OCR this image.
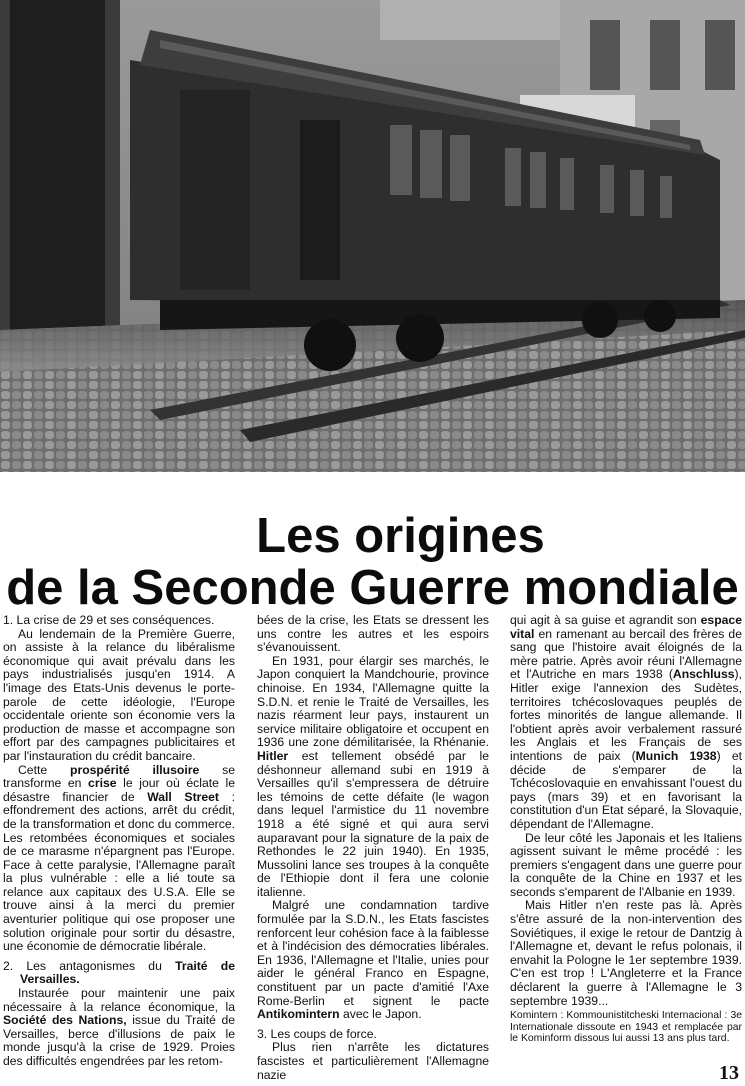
Les origines
de la Seconde Guerre mondiale

1. La crise de 29 et ses conséquences.

Au lendemain de la Première Guerre, on assiste à la relance du libéralisme économique qui avait prévalu dans les pays industrialisés jusqu'en 1914. A l'image des Etats-Unis devenus le porte-parole de cette idéologie, l'Europe occidentale oriente son économie vers la production de masse et accompagne son effort par des campagnes publicitaires et par l'instauration du crédit bancaire.

Cette prospérité illusoire se transforme en crise le jour où éclate le désastre financier de Wall Street : effondrement des actions, arrêt du crédit, de la transformation et donc du commerce. Les retombées économiques et sociales de ce marasme n'épargnent pas l'Europe. Face à cette paralysie, l'Allemagne paraît la plus vulnérable : elle a lié toute sa relance aux capitaux des U.S.A. Elle se trouve ainsi à la merci du premier aventurier politique qui ose proposer une solution originale pour sortir du désastre, une économie de démocratie libérale.

2. Les antagonismes du Traité de Versailles.

Instaurée pour maintenir une paix nécessaire à la relance économique, la Société des Nations, issue du Traité de Versailles, berce d'illusions de paix le monde jusqu'à la crise de 1929. Proies des difficultés engendrées par les retom-

bées de la crise, les Etats se dressent les uns contre les autres et les espoirs s'évanouissent.

En 1931, pour élargir ses marchés, le Japon conquiert la Mandchourie, province chinoise. En 1934, l'Allemagne quitte la S.D.N. et renie le Traité de Versailles, les nazis réarment leur pays, instaurent un service militaire obligatoire et occupent en 1936 une zone démilitarisée, la Rhénanie. Hitler est tellement obsédé par le déshonneur allemand subi en 1919 à Versailles qu'il s'empressera de détruire les témoins de cette défaite (le wagon dans lequel l'armistice du 11 novembre 1918 a été signé et qui aura servi auparavant pour la signature de la paix de Rethondes le 22 juin 1940). En 1935, Mussolini lance ses troupes à la conquête de l'Ethiopie dont il fera une colonie italienne.

Malgré une condamnation tardive formulée par la S.D.N., les Etats fascistes renforcent leur cohésion face à la faiblesse et à l'indécision des démocraties libérales. En 1936, l'Allemagne et l'Italie, unies pour aider le général Franco en Espagne, constituent par un pacte d'amitié l'Axe Rome-Berlin et signent le pacte Antikomintern avec le Japon.

3. Les coups de force.

Plus rien n'arrête les dictatures fascistes et particulièrement l'Allemagne nazie

qui agit à sa guise et agrandit son espace vital en ramenant au bercail des frères de sang que l'histoire avait éloignés de la mère patrie. Après avoir réuni l'Allemagne et l'Autriche en mars 1938 (Anschluss), Hitler exige l'annexion des Sudètes, territoires tchécoslovaques peuplés de fortes minorités de langue allemande. Il l'obtient après avoir verbalement rassuré les Anglais et les Français de ses intentions de paix (Munich 1938) et décide de s'emparer de la Tchécoslovaquie en envahissant l'ouest du pays (mars 39) et en favorisant la constitution d'un Etat séparé, la Slovaquie, dépendant de l'Allemagne.

De leur côté les Japonais et les Italiens agissent suivant le même procédé : les premiers s'engagent dans une guerre pour la conquête de la Chine en 1937 et les seconds s'emparent de l'Albanie en 1939.

Mais Hitler n'en reste pas là. Après s'être assuré de la non-intervention des Soviétiques, il exige le retour de Dantzig à l'Allemagne et, devant le refus polonais, il envahit la Pologne le 1er septembre 1939. C'en est trop ! L'Angleterre et la France déclarent la guerre à l'Allemagne le 3 septembre 1939...

Komintern : Kommounistitcheski Internacional : 3e Internationale dissoute en 1943 et remplacée par le Kominform dissous lui aussi 13 ans plus tard.

13
